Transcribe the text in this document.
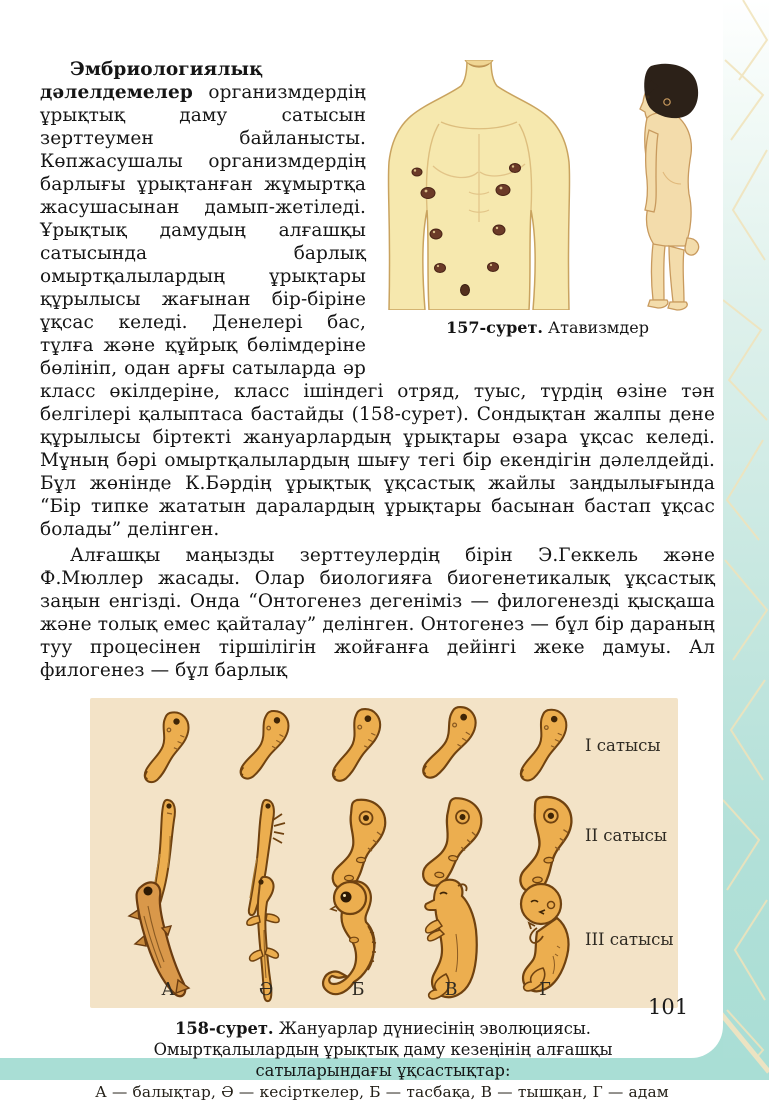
157-сурет. Атавизмдер

Эмбриологиялық дәлелдемелер организмдердің ұрықтық даму сатысын зерттеумен байланысты. Көпжасушалы организмдердің барлығы ұрықтанған жұмыртқа жасушасынан дамып-жетіледі. Ұрықтық дамудың алғашқы сатысында барлық омыртқалылардың ұрықтары құрылысы жағынан бір-біріне ұқсас келеді. Денелері бас, тұлға және құйрық бөлімдеріне бөлініп, одан арғы сатыларда әр класс өкілдеріне, класс ішіндегі отряд, туыс, түрдің өзіне тән белгілері қалыптаса бастайды (158-сурет). Сондықтан жалпы дене құрылысы біртекті жануарлардың ұрықтары өзара ұқсас келеді. Мұның бәрі омыртқалылардың шығу тегі бір екендігін дәлелдейді. Бұл жөнінде К.Бәрдің ұрықтық ұқсастық жайлы заңдылығында “Бір типке жататын даралардың ұрықтары басынан бастап ұқсас болады” делінген.

Алғашқы маңызды зерттеулердің бірін Э.Геккель және Ф.Мюллер жасады. Олар биологияға биогенетикалық ұқсастық заңын енгізді. Онда “Онтогенез дегеніміз — филогенезді қысқаша және толық емес қайталау” делінген. Онтогенез — бұл бір дараның туу процесінен тіршілігін жойғанға дейінгі жеке дамуы. Ал филогенез — бұл барлық

I сатысы
II сатысы
III сатысы
А	Ә	Б	В	Г
158-сурет. Жануарлар дүниесінің эволюциясы. Омыртқалылардың ұрықтық даму кезеңінің алғашқы сатыларындағы ұқсастықтар:
А — балықтар, Ә — кесірткелер, Б — тасбақа, В — тышқан, Г — адам
101
